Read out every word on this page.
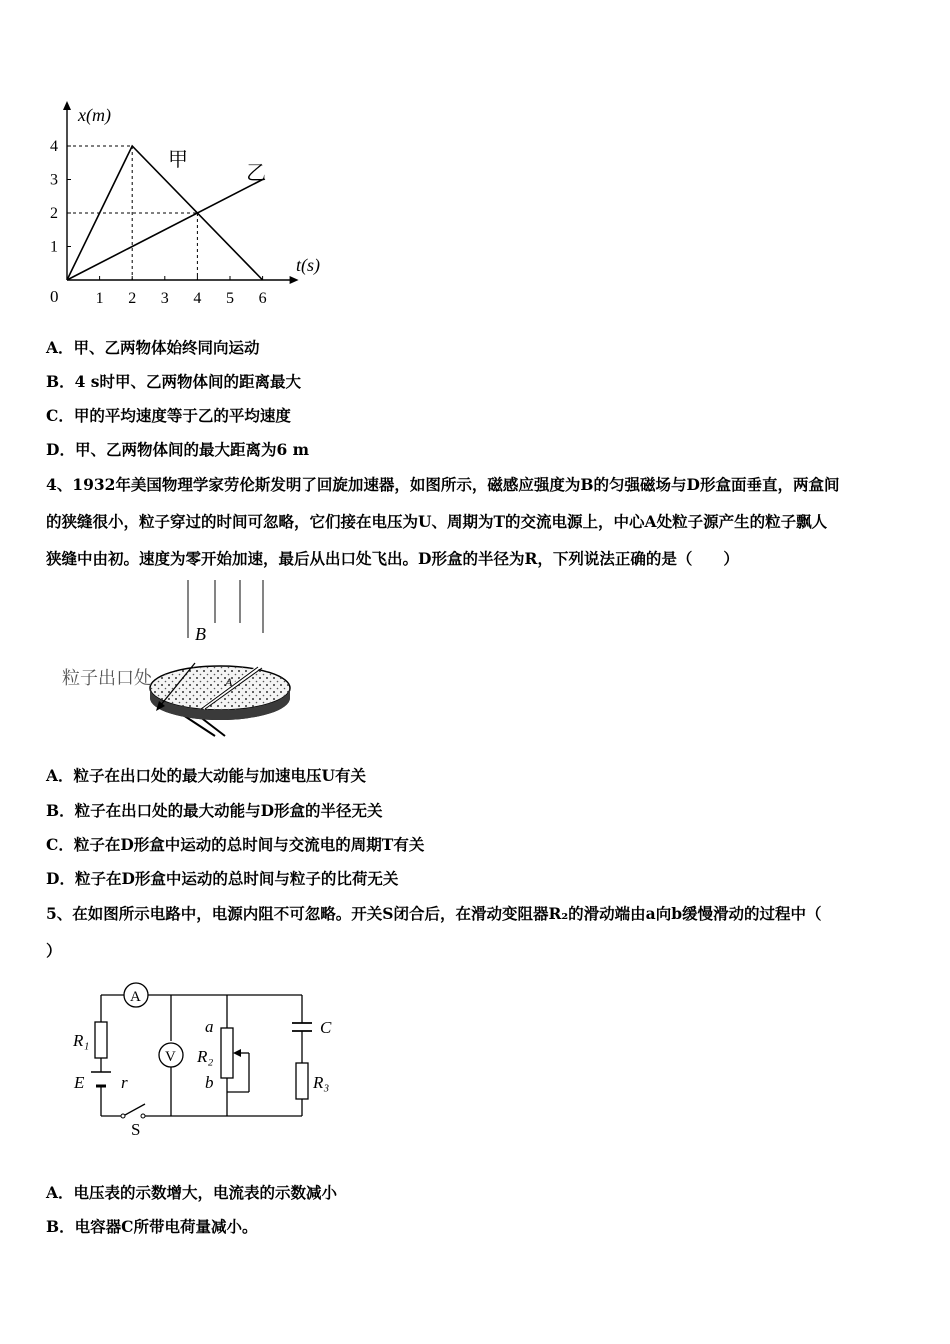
1 2 3 4 5 6
1
2
3
4
甲
乙
x(m)
t(s)
0
A．甲、乙两物体始终同向运动
B．4 s时甲、乙两物体间的距离最大
C．甲的平均速度等于乙的平均速度
D．甲、乙两物体间的最大距离为6 m
4、1932年美国物理学家劳伦斯发明了回旋加速器，如图所示，磁感应强度为B的匀强磁场与D形盒面垂直，两盒间
的狭缝很小，粒子穿过的时间可忽略，它们接在电压为U、周期为T的交流电源上，中心A处粒子源产生的粒子飘人
狭缝中由初。速度为零开始加速，最后从出口处飞出。D形盒的半径为R，下列说法正确的是（　　）
B
粒子出口处	A
A．粒子在出口处的最大动能与加速电压U有关
B．粒子在出口处的最大动能与D形盒的半径无关
C．粒子在D形盒中运动的总时间与交流电的周期T有关
D．粒子在D形盒中运动的总时间与粒子的比荷无关
5、在如图所示电路中，电源内阻不可忽略。开关S闭合后，在滑动变阻器R₂的滑动端由a向b缓慢滑动的过程中（
）
A
V
R₁
E r
S
a
R₂
b
C
R₃
A．电压表的示数增大，电流表的示数减小
B．电容器C所带电荷量减小。
